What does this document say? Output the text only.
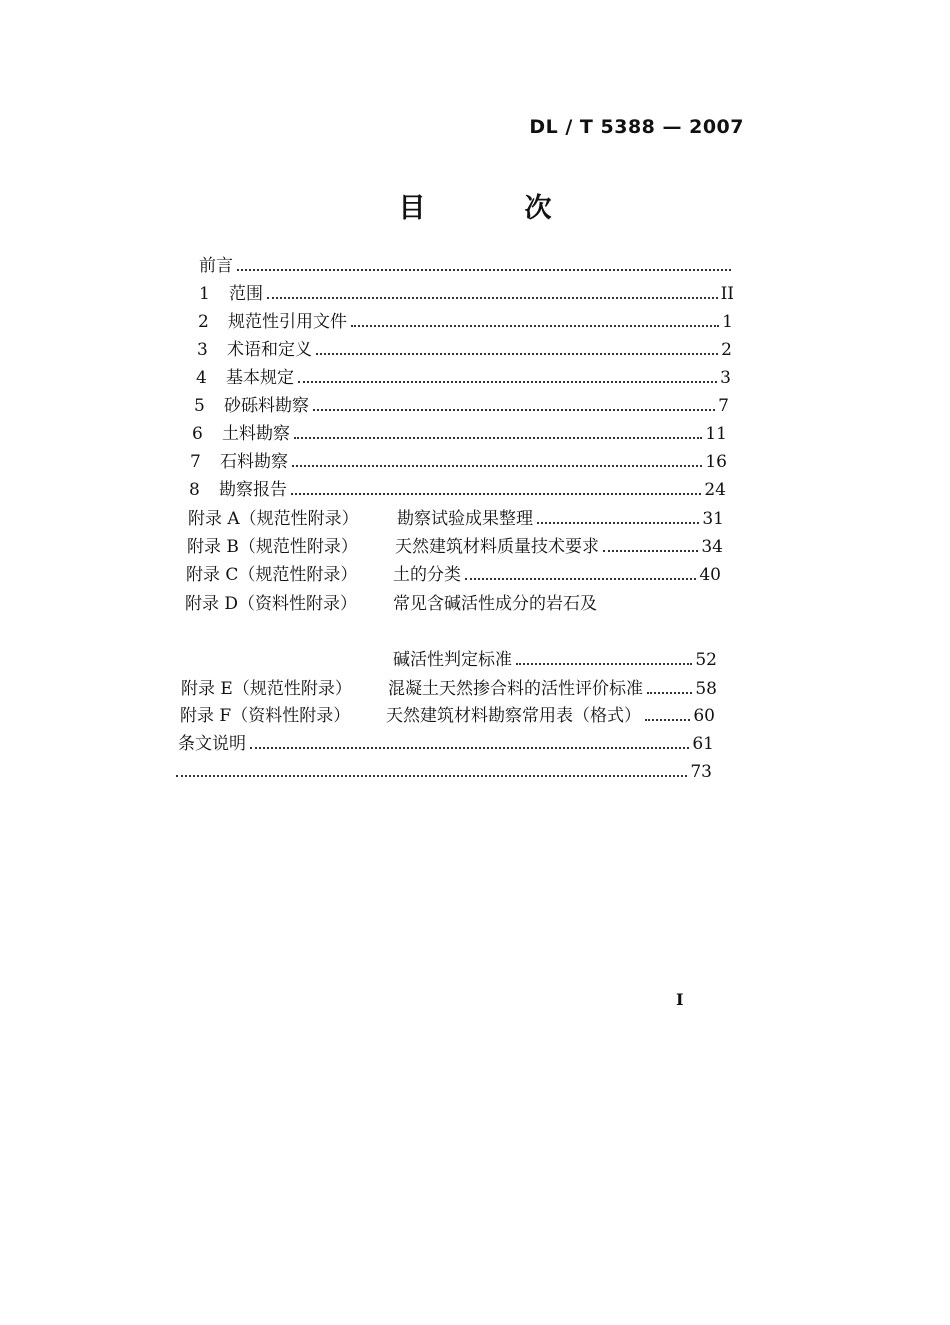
DL / T 5388 — 2007
目　次
前言
1	范围	II
2	规范性引用文件	1
3	术语和定义	2
4	基本规定	3
5	砂砾料勘察	7
6	土料勘察	11
7	石料勘察	16
8	勘察报告	24
附录 A（规范性附录）	勘察试验成果整理	31
附录 B（规范性附录）	天然建筑材料质量技术要求	34
附录 C（规范性附录）	土的分类	40
附录 D（资料性附录）	常见含碱活性成分的岩石及
碱活性判定标准	52
附录 E（规范性附录）	混凝土天然掺合料的活性评价标准	58
附录 F（资料性附录）	天然建筑材料勘察常用表（格式）	60
条文说明	61
73
I
